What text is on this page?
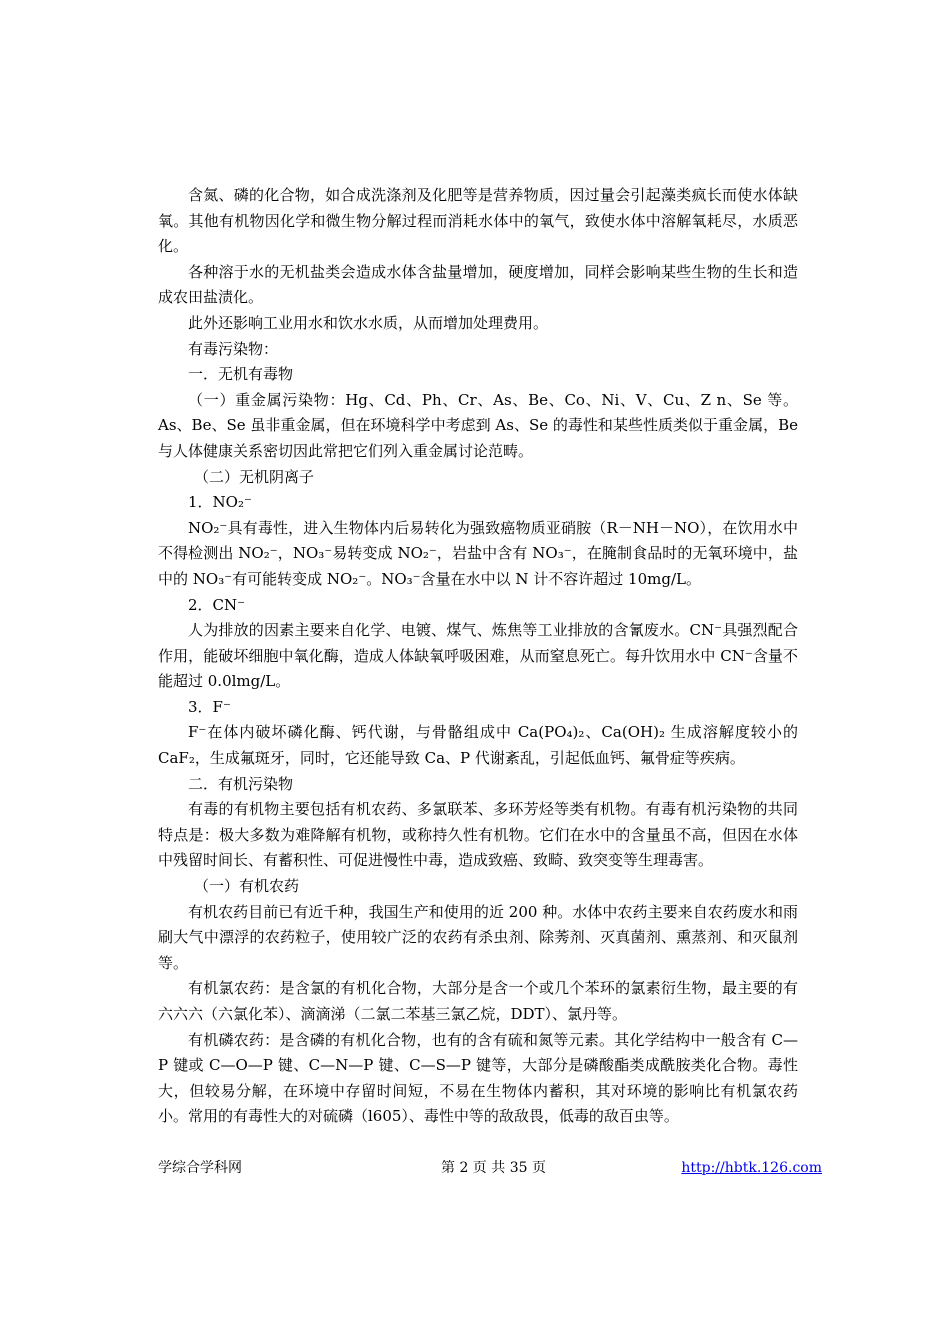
含氮、磷的化合物，如合成洗涤剂及化肥等是营养物质，因过量会引起藻类疯长而使水体缺氧。其他有机物因化学和微生物分解过程而消耗水体中的氧气，致使水体中溶解氧耗尽，水质恶化。

各种溶于水的无机盐类会造成水体含盐量增加，硬度增加，同样会影响某些生物的生长和造成农田盐渍化。

此外还影响工业用水和饮水水质，从而增加处理费用。

有毒污染物：

一．无机有毒物

（一）重金属污染物：Hg、Cd、Ph、Cr、As、Be、Co、Ni、V、Cu、Z n、Se 等。As、Be、Se 虽非重金属，但在环境科学中考虑到 As、Se 的毒性和某些性质类似于重金属，Be 与人体健康关系密切因此常把它们列入重金属讨论范畴。

（二）无机阴离子

1．NO₂⁻

NO₂⁻具有毒性，进入生物体内后易转化为强致癌物质亚硝胺（R－NH－NO），在饮用水中不得检测出 NO₂⁻，NO₃⁻易转变成 NO₂⁻，岩盐中含有 NO₃⁻，在腌制食品时的无氧环境中，盐中的 NO₃⁻有可能转变成 NO₂⁻。NO₃⁻含量在水中以 N 计不容许超过 10mg/L。

2．CN⁻

人为排放的因素主要来自化学、电镀、煤气、炼焦等工业排放的含氰废水。CN⁻具强烈配合作用，能破坏细胞中氧化酶，造成人体缺氧呼吸困难，从而窒息死亡。每升饮用水中 CN⁻含量不能超过 0.0lmg/L。

3．F⁻

F⁻在体内破坏磷化酶、钙代谢，与骨骼组成中 Ca(PO₄)₂、Ca(OH)₂ 生成溶解度较小的 CaF₂，生成氟斑牙，同时，它还能导致 Ca、P 代谢紊乱，引起低血钙、氟骨症等疾病。

二．有机污染物

有毒的有机物主要包括有机农药、多氯联苯、多环芳烃等类有机物。有毒有机污染物的共同特点是：极大多数为难降解有机物，或称持久性有机物。它们在水中的含量虽不高，但因在水体中残留时间长、有蓄积性、可促进慢性中毒，造成致癌、致畸、致突变等生理毒害。

（一）有机农药

有机农药目前已有近千种，我国生产和使用的近 200 种。水体中农药主要来自农药废水和雨刷大气中漂浮的农药粒子，使用较广泛的农药有杀虫剂、除莠剂、灭真菌剂、熏蒸剂、和灭鼠剂等。

有机氯农药：是含氯的有机化合物，大部分是含一个或几个苯环的氯素衍生物，最主要的有六六六（六氯化苯）、滴滴涕（二氯二苯基三氯乙烷，DDT）、氯丹等。

有机磷农药：是含磷的有机化合物，也有的含有硫和氮等元素。其化学结构中一般含有 C—P 键或 C—O—P 键、C—N—P 键、C—S—P 键等，大部分是磷酸酯类成酰胺类化合物。毒性大，但较易分解，在环境中存留时间短，不易在生物体内蓄积，其对环境的影响比有机氯农药小。常用的有毒性大的对硫磷（l605）、毒性中等的敌敌畏，低毒的敌百虫等。

学综合学科网	第 2 页 共 35 页	http://hbtk.126.com
